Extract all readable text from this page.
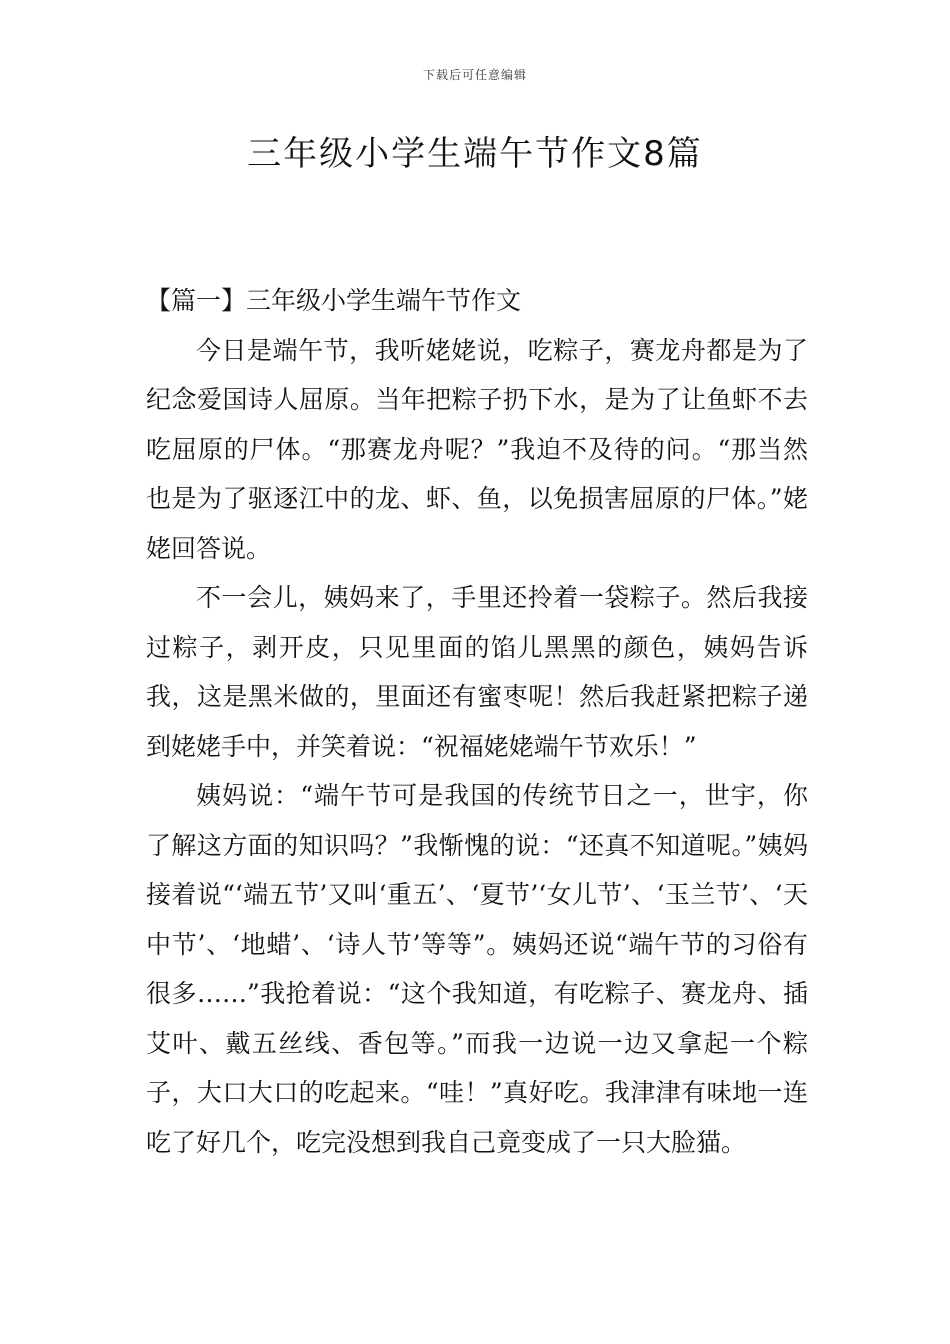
下载后可任意编辑
三年级小学生端午节作文8篇

【篇一】三年级小学生端午节作文

今日是端午节，我听姥姥说，吃粽子，赛龙舟都是为了纪念爱国诗人屈原。当年把粽子扔下水，是为了让鱼虾不去吃屈原的尸体。“那赛龙舟呢？”我迫不及待的问。“那当然也是为了驱逐江中的龙、虾、鱼，以免损害屈原的尸体。”姥姥回答说。

不一会儿，姨妈来了，手里还拎着一袋粽子。然后我接过粽子，剥开皮，只见里面的馅儿黑黑的颜色，姨妈告诉我，这是黑米做的，里面还有蜜枣呢！然后我赶紧把粽子递到姥姥手中，并笑着说：“祝福姥姥端午节欢乐！”

姨妈说：“端午节可是我国的传统节日之一，世宇，你了解这方面的知识吗？”我惭愧的说：“还真不知道呢。”姨妈接着说“‘端五节’又叫‘重五’、‘夏节’‘女儿节’、‘玉兰节’、‘天中节’、‘地蜡’、‘诗人节’等等”。姨妈还说“端午节的习俗有很多……”我抢着说：“这个我知道，有吃粽子、赛龙舟、插艾叶、戴五丝线、香包等。”而我一边说一边又拿起一个粽子，大口大口的吃起来。“哇！”真好吃。我津津有味地一连吃了好几个，吃完没想到我自己竟变成了一只大脸猫。
